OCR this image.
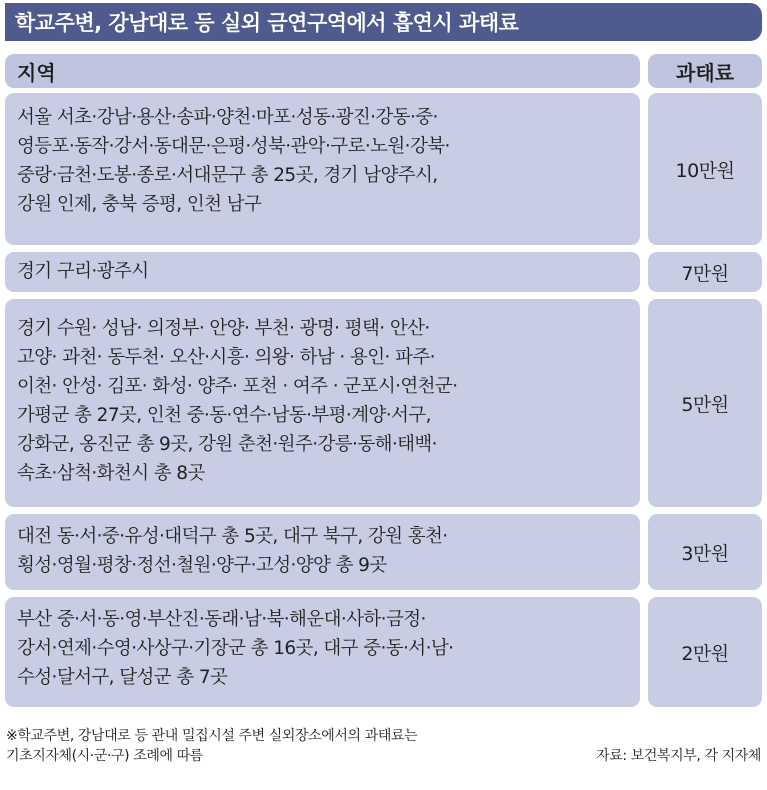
학교주변, 강남대로 등 실외 금연구역에서 흡연시 과태료
지역	과태료
서울 서초·강남·용산·송파·양천·마포·성동·광진·강동·중·
영등포·동작·강서·동대문·은평·성북·관악·구로·노원·강북·
중랑·금천·도봉·종로·서대문구 총 25곳, 경기 남양주시,
강원 인제, 충북 증평, 인천 남구
10만원
경기 구리·광주시	7만원
경기 수원· 성남· 의정부· 안양· 부천· 광명· 평택· 안산·
고양· 과천· 동두천· 오산·시흥· 의왕· 하남 · 용인· 파주·
이천· 안성· 김포· 화성· 양주· 포천 · 여주 · 군포시·연천군·
가평군 총 27곳, 인천 중·동·연수·남동·부평·계양·서구,
강화군, 옹진군 총 9곳, 강원 춘천·원주·강릉·동해·태백·
속초·삼척·화천시 총 8곳
5만원
대전 동·서·중·유성·대덕구 총 5곳, 대구 북구, 강원 홍천·
횡성·영월·평창·정선·철원·양구·고성·양양 총 9곳
3만원
부산 중·서·동·영·부산진·동래·남·북·해운대·사하·금정·
강서·연제·수영·사상구·기장군 총 16곳, 대구 중·동·서·남·
수성·달서구, 달성군 총 7곳
2만원
※학교주변, 강남대로 등 관내 밀집시설 주변 실외장소에서의 과태료는
기초지자체(시·군·구) 조례에 따름	자료: 보건복지부, 각 지자체
